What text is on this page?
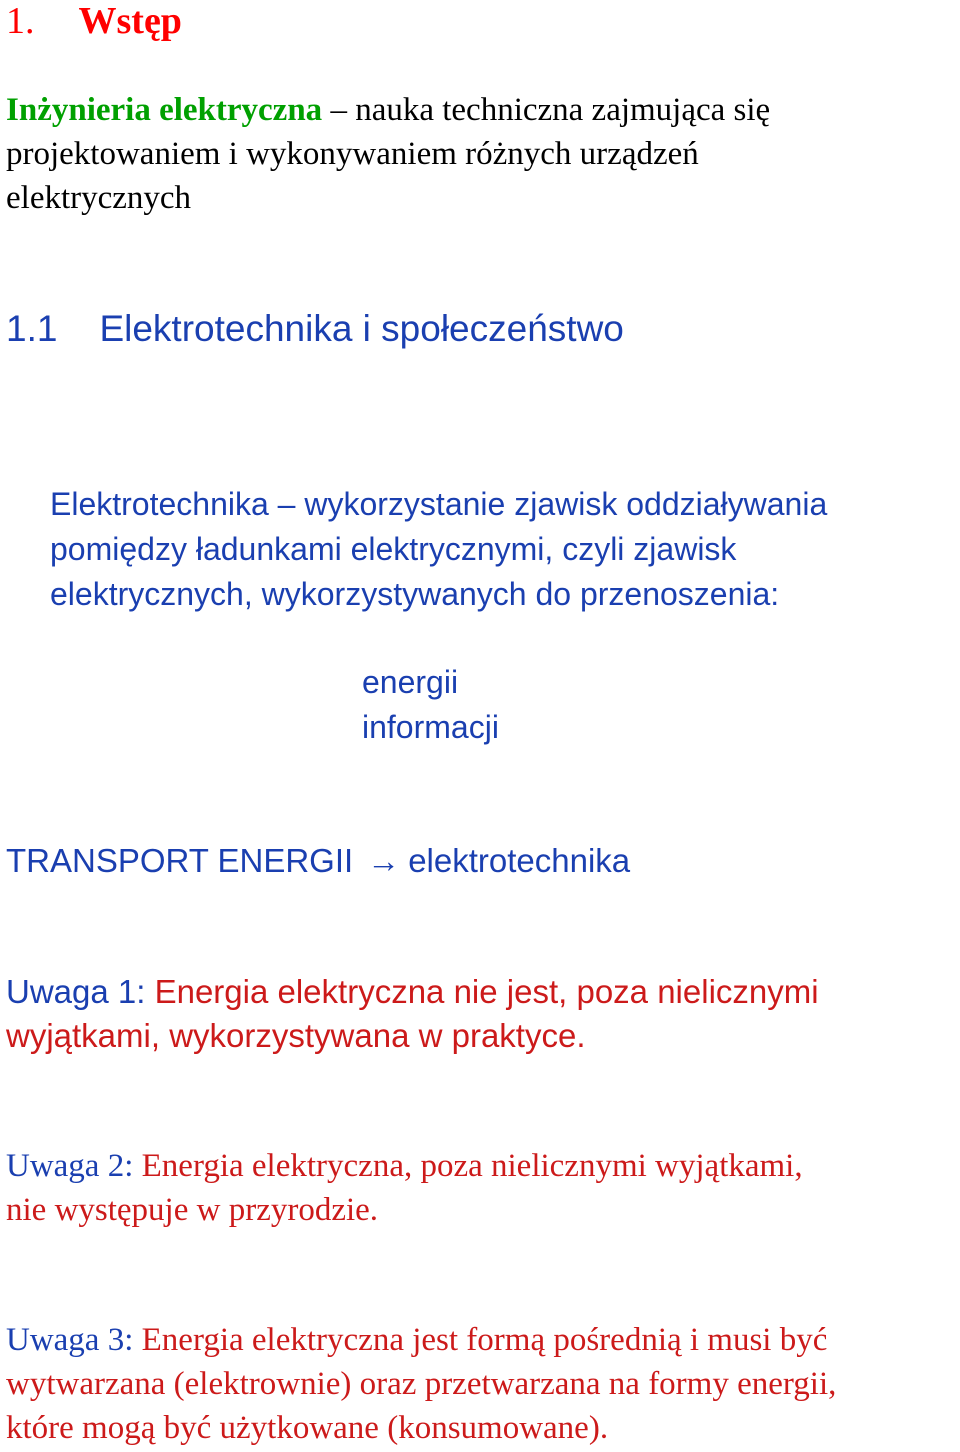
1. Wstęp
Inżynieria elektryczna – nauka techniczna zajmująca się
projektowaniem i wykonywaniem różnych urządzeń
elektrycznych
1.1 Elektrotechnika i społeczeństwo
Elektrotechnika – wykorzystanie zjawisk oddziaływania
pomiędzy ładunkami elektrycznymi, czyli zjawisk
elektrycznych, wykorzystywanych do przenoszenia:
energii
informacji
TRANSPORT ENERGII → elektrotechnika
Uwaga 1: Energia elektryczna nie jest, poza nielicznymi
wyjątkami, wykorzystywana w praktyce.
Uwaga 2: Energia elektryczna, poza nielicznymi wyjątkami,
nie występuje w przyrodzie.
Uwaga 3: Energia elektryczna jest formą pośrednią i musi być
wytwarzana (elektrownie) oraz przetwarzana na formy energii,
które mogą być użytkowane (konsumowane).
